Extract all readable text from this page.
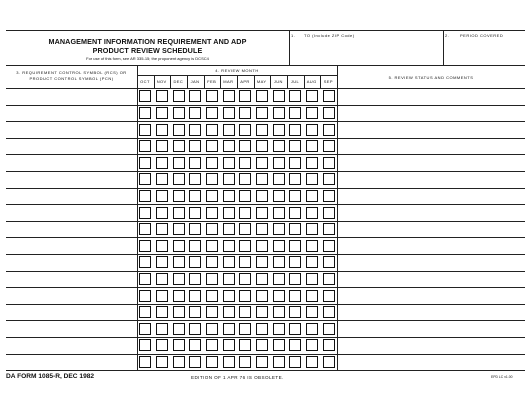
MANAGEMENT INFORMATION REQUIREMENT AND ADP
PRODUCT REVIEW SCHEDULE
For use of this form, see AR 335-15; the proponent agency is DCSC4
1. TO (Include ZIP Code)	2.	PERIOD COVERED
3. REQUIREMENT CONTROL SYMBOL (RCS) OR
PRODUCT CONTROL SYMBOL (PCN)
4. REVIEW MONTH
5. REVIEW STATUS AND COMMENTS
OCT	NOV	DEC	JAN	FEB	MAR	APR	MAY	JUN	JUL	AUG	SEP
DA FORM 1085-R, DEC 1982	EDITION OF 1 APR 76 IS OBSOLETE.	EPD LC v1.00
